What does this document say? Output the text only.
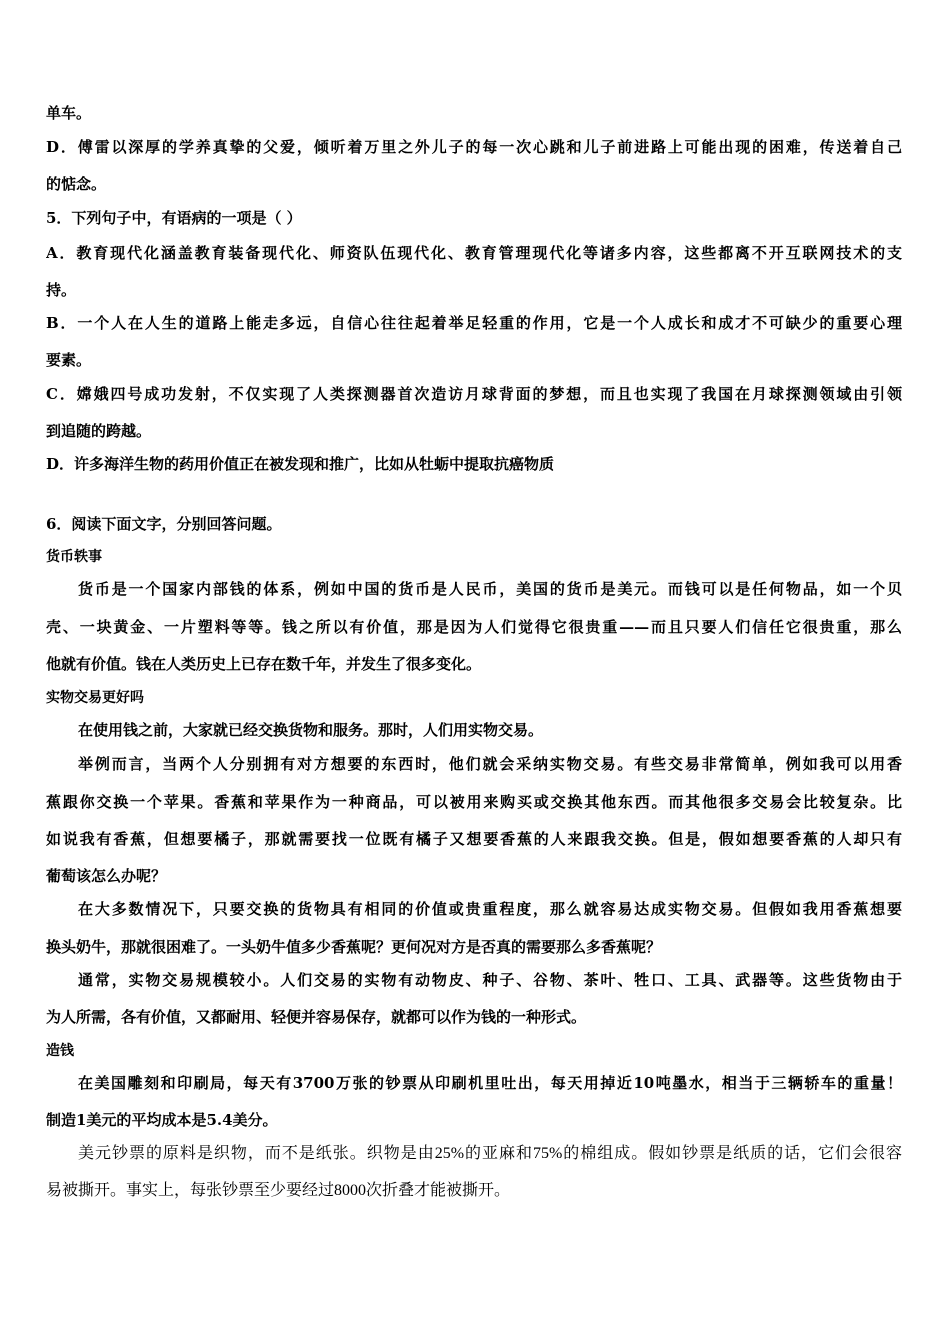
单车。
D．傅雷以深厚的学养真挚的父爱，倾听着万里之外儿子的每一次心跳和儿子前进路上可能出现的困难，传送着自己
的惦念。
5．下列句子中，有语病的一项是（ ）
A．教育现代化涵盖教育装备现代化、师资队伍现代化、教育管理现代化等诸多内容，这些都离不开互联网技术的支
持。
B．一个人在人生的道路上能走多远，自信心往往起着举足轻重的作用，它是一个人成长和成才不可缺少的重要心理
要素。
C．嫦娥四号成功发射，不仅实现了人类探测器首次造访月球背面的梦想，而且也实现了我国在月球探测领域由引领
到追随的跨越。
D．许多海洋生物的药用价值正在被发现和推广，比如从牡蛎中提取抗癌物质
6．阅读下面文字，分别回答问题。
货币轶事
货币是一个国家内部钱的体系，例如中国的货币是人民币，美国的货币是美元。而钱可以是任何物品，如一个贝
壳、一块黄金、一片塑料等等。钱之所以有价值，那是因为人们觉得它很贵重——而且只要人们信任它很贵重，那么
他就有价值。钱在人类历史上已存在数千年，并发生了很多变化。
实物交易更好吗
在使用钱之前，大家就已经交换货物和服务。那时，人们用实物交易。
举例而言，当两个人分别拥有对方想要的东西时，他们就会采纳实物交易。有些交易非常简单，例如我可以用香
蕉跟你交换一个苹果。香蕉和苹果作为一种商品，可以被用来购买或交换其他东西。而其他很多交易会比较复杂。比
如说我有香蕉，但想要橘子，那就需要找一位既有橘子又想要香蕉的人来跟我交换。但是，假如想要香蕉的人却只有
葡萄该怎么办呢？
在大多数情况下，只要交换的货物具有相同的价值或贵重程度，那么就容易达成实物交易。但假如我用香蕉想要
换头奶牛，那就很困难了。一头奶牛值多少香蕉呢？更何况对方是否真的需要那么多香蕉呢？
通常，实物交易规模较小。人们交易的实物有动物皮、种子、谷物、茶叶、牲口、工具、武器等。这些货物由于
为人所需，各有价值，又都耐用、轻便并容易保存，就都可以作为钱的一种形式。
造钱
在美国雕刻和印刷局，每天有3700万张的钞票从印刷机里吐出，每天用掉近10吨墨水，相当于三辆轿车的重量！
制造1美元的平均成本是5.4美分。
美元钞票的原料是织物，而不是纸张。织物是由25%的亚麻和75%的棉组成。假如钞票是纸质的话，它们会很容
易被撕开。事实上，每张钞票至少要经过8000次折叠才能被撕开。
